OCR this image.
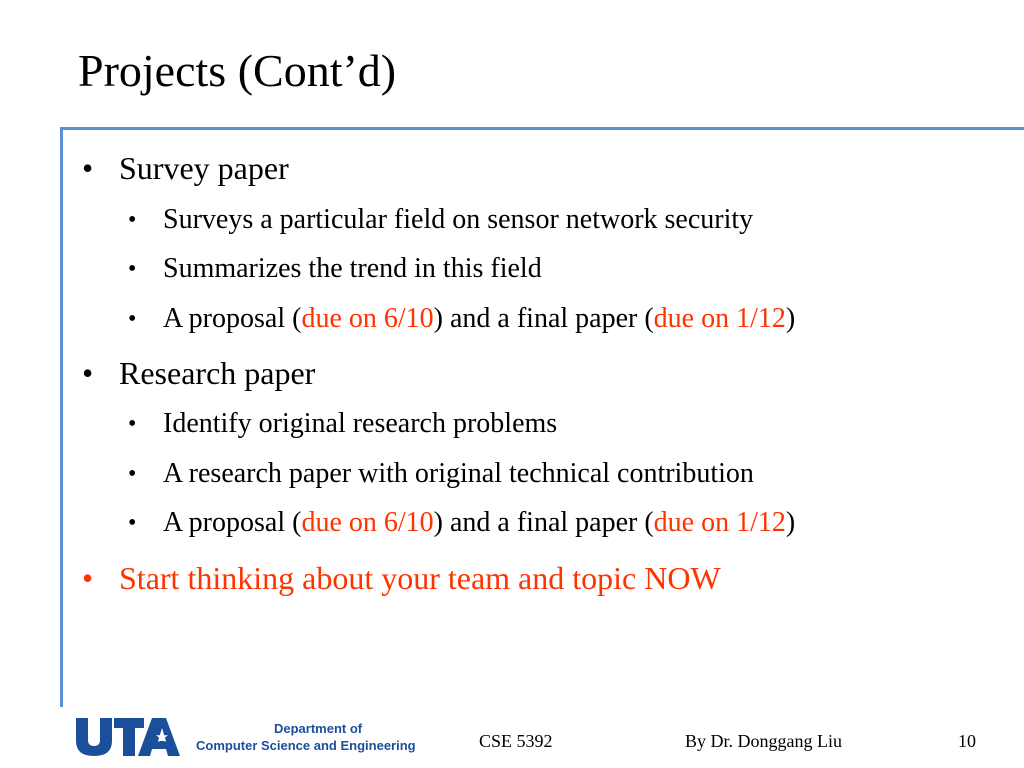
Projects (Cont’d)
• Survey paper
• Surveys a particular field on sensor network security
• Summarizes the trend in this field
• A proposal (due on 6/10) and a final paper (due on 1/12)
• Research paper
• Identify original research problems
• A research paper with original technical contribution
• A proposal (due on 6/10) and a final paper (due on 1/12)
• Start thinking about your team and topic NOW
Department of
Computer Science and Engineering	CSE 5392	By Dr. Donggang Liu	10
